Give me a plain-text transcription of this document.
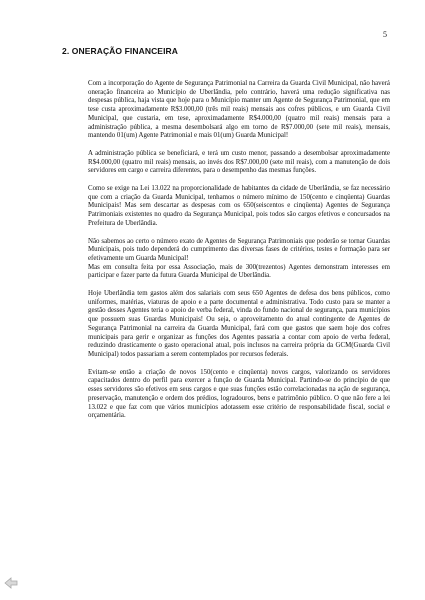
5
2. ONERAÇÃO FINANCEIRA

Com a incorporação do Agente de Segurança Patrimonial na Carreira da Guarda Civil Municipal, não haverá oneração financeira ao Município de Uberlândia, pelo contrário, haverá uma redução significativa nas despesas pública, haja vista que hoje para o Município manter um Agente de Segurança Patrimonial, que em tese custa aproximadamente R$3.000,00 (três mil reais) mensais aos cofres públicos, e um Guarda Civil Municipal, que custaria, em tese, aproximadamente R$4.000,00 (quatro mil reais) mensais para a administração pública, a mesma desembolsará algo em torno de R$7.000,00 (sete mil reais), mensais, mantendo 01(um) Agente Patrimonial e mais 01(um) Guarda Municipal!

A administração pública se beneficiará, e terá um custo menor, passando a desembolsar aproximadamente R$4.000,00 (quatro mil reais) mensais, ao invés dos R$7.000,00 (sete mil reais), com a manutenção de dois servidores em cargo e carreira diferentes, para o desempenho das mesmas funções.

Como se exige na Lei 13.022 na proporcionalidade de habitantes da cidade de Uberlândia, se faz necessário que com a criação da Guarda Municipal, tenhamos o número mínimo de 150(cento e cinqüenta) Guardas Municipais! Mas sem descartar as despesas com os 650(seiscentos e cinqüenta) Agentes de Segurança Patrimoniais existentes no quadro da Segurança Municipal, pois todos são cargos efetivos e concursados na Prefeitura de Uberlândia.

Não sabemos ao certo o número exato de Agentes de Segurança Patrimoniais que poderão se tornar Guardas Municipais, pois tudo dependerá do cumprimento das diversas fases de critérios, testes e formação para ser efetivamente um Guarda Municipal!
Mas em consulta feita por essa Associação, mais de 300(trezentos) Agentes demonstram interesses em participar e fazer parte da futura Guarda Municipal de Uberlândia.

Hoje Uberlândia tem gastos além dos salariais com seus 650 Agentes de defesa dos bens públicos, como uniformes, matérias, viaturas de apoio e a parte documental e administrativa. Todo custo para se manter a gestão desses Agentes teria o apoio de verba federal, vinda do fundo nacional de segurança, para municípios que possuem suas Guardas Municipais! Ou seja, o aproveitamento do atual contingente de Agentes de Segurança Patrimonial na carreira da Guarda Municipal, fará com que gastos que saem hoje dos cofres municipais para gerir e organizar as funções dos Agentes passaria a contar com apoio de verba federal, reduzindo drasticamente o gasto operacional atual, pois inclusos na carreira própria da GCM(Guarda Civil Municipal) todos passariam a serem contemplados por recursos federais.

Evitam-se então a criação de novos 150(cento e cinqüenta) novos cargos, valorizando os servidores capacitados dentro do perfil para exercer a função de Guarda Municipal. Partindo-se do princípio de que esses servidores são efetivos em seus cargos e que suas funções estão correlacionadas na ação de segurança, preservação, manutenção e ordem dos prédios, logradouros, bens e patrimônio público. O que não fere a lei 13.022 e que faz com que vários municípios adotassem esse critério de responsabilidade fiscal, social e orçamentária.
